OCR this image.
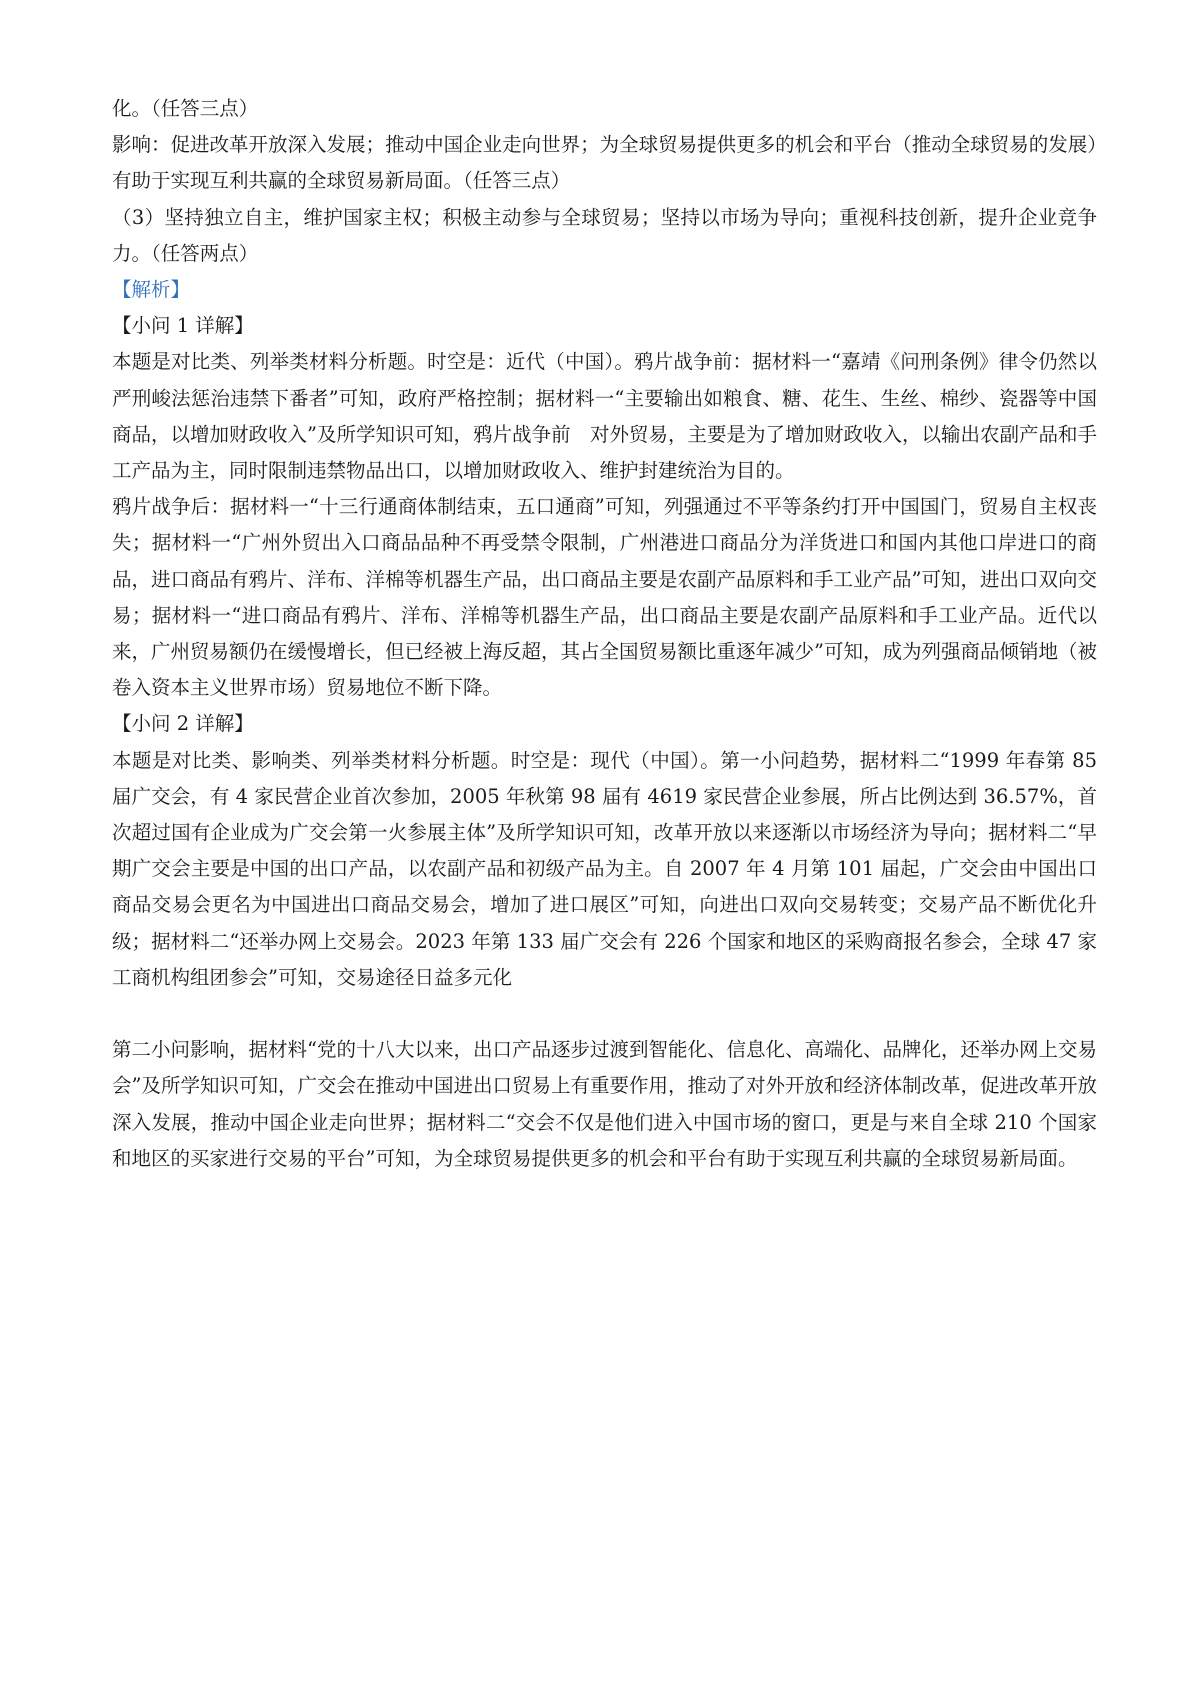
化。（任答三点）

影响：促进改革开放深入发展；推动中国企业走向世界；为全球贸易提供更多的机会和平台（推动全球贸易的发展）有助于实现互利共赢的全球贸易新局面。（任答三点）

（3）坚持独立自主，维护国家主权；积极主动参与全球贸易；坚持以市场为导向；重视科技创新，提升企业竞争力。（任答两点）

【解析】

【小问 1 详解】

本题是对比类、列举类材料分析题。时空是：近代（中国）。鸦片战争前：据材料一“嘉靖《问刑条例》律令仍然以严刑峻法惩治违禁下番者”可知，政府严格控制；据材料一“主要输出如粮食、糖、花生、生丝、棉纱、瓷器等中国商品，以增加财政收入”及所学知识可知，鸦片战争前　对外贸易，主要是为了增加财政收入，以输出农副产品和手工产品为主，同时限制违禁物品出口，以增加财政收入、维护封建统治为目的。

鸦片战争后：据材料一“十三行通商体制结束，五口通商”可知，列强通过不平等条约打开中国国门，贸易自主权丧失；据材料一“广州外贸出入口商品品种不再受禁令限制，广州港进口商品分为洋货进口和国内其他口岸进口的商品，进口商品有鸦片、洋布、洋棉等机器生产品，出口商品主要是农副产品原料和手工业产品”可知，进出口双向交易；据材料一“进口商品有鸦片、洋布、洋棉等机器生产品，出口商品主要是农副产品原料和手工业产品。近代以来，广州贸易额仍在缓慢增长，但已经被上海反超，其占全国贸易额比重逐年减少”可知，成为列强商品倾销地（被卷入资本主义世界市场）贸易地位不断下降。

【小问 2 详解】

本题是对比类、影响类、列举类材料分析题。时空是：现代（中国）。第一小问趋势，据材料二“1999 年春第 85 届广交会，有 4 家民营企业首次参加，2005 年秋第 98 届有 4619 家民营企业参展，所占比例达到 36.57%，首次超过国有企业成为广交会第一火参展主体”及所学知识可知，改革开放以来逐渐以市场经济为导向；据材料二“早期广交会主要是中国的出口产品，以农副产品和初级产品为主。自 2007 年 4 月第 101 届起，广交会由中国出口商品交易会更名为中国进出口商品交易会，增加了进口展区”可知，向进出口双向交易转变；交易产品不断优化升级；据材料二“还举办网上交易会。2023 年第 133 届广交会有 226 个国家和地区的采购商报名参会，全球 47 家工商机构组团参会”可知，交易途径日益多元化

第二小问影响，据材料“党的十八大以来，出口产品逐步过渡到智能化、信息化、高端化、品牌化，还举办网上交易会”及所学知识可知，广交会在推动中国进出口贸易上有重要作用，推动了对外开放和经济体制改革，促进改革开放深入发展，推动中国企业走向世界；据材料二“交会不仅是他们进入中国市场的窗口，更是与来自全球 210 个国家和地区的买家进行交易的平台”可知，为全球贸易提供更多的机会和平台有助于实现互利共赢的全球贸易新局面。
